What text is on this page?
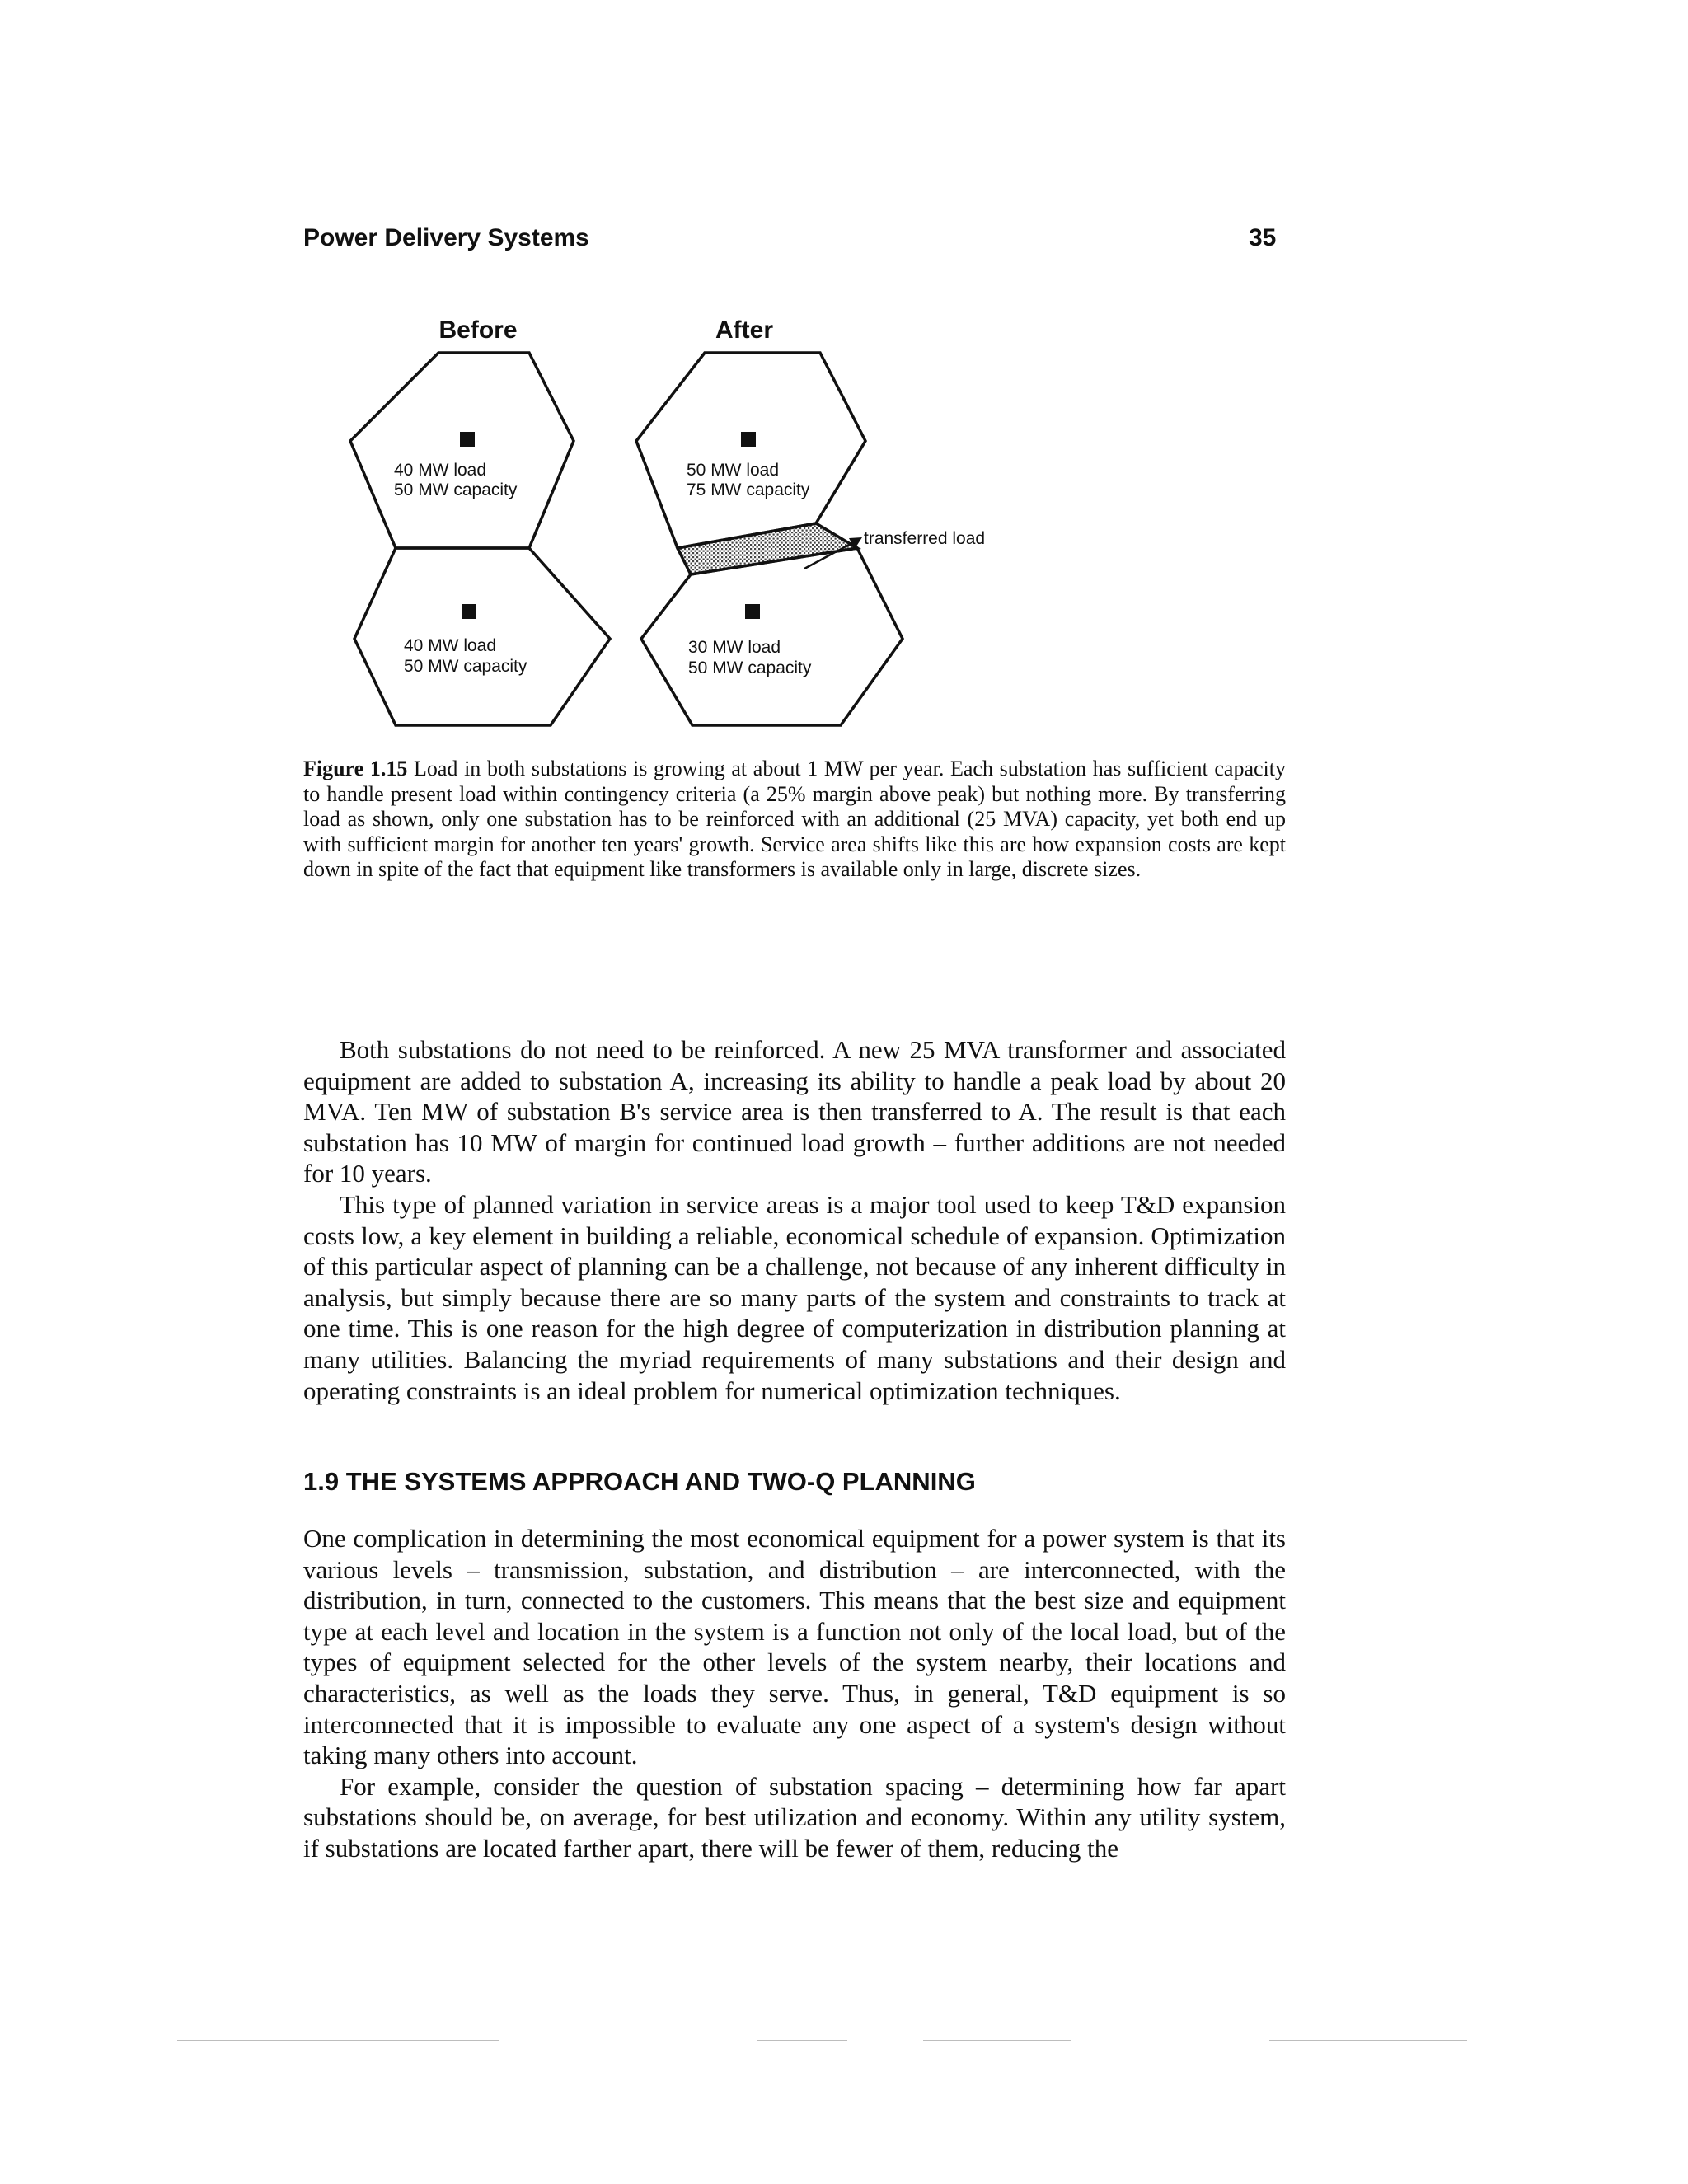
Power Delivery Systems	35
Before	After
40 MW load
50 MW capacity
40 MW load
50 MW capacity
50 MW load
75 MW capacity
30 MW load
50 MW capacity
transferred load
Figure 1.15 Load in both substations is growing at about 1 MW per year. Each substation has sufficient capacity to handle present load within contingency criteria (a 25% margin above peak) but nothing more. By transferring load as shown, only one substation has to be reinforced with an additional (25 MVA) capacity, yet both end up with sufficient margin for another ten years' growth. Service area shifts like this are how expansion costs are kept down in spite of the fact that equipment like transformers is available only in large, discrete sizes.

Both substations do not need to be reinforced. A new 25 MVA transformer and associated equipment are added to substation A, increasing its ability to handle a peak load by about 20 MVA. Ten MW of substation B's service area is then transferred to A. The result is that each substation has 10 MW of margin for continued load growth – further additions are not needed for 10 years.

This type of planned variation in service areas is a major tool used to keep T&D expansion costs low, a key element in building a reliable, economical schedule of expansion. Optimization of this particular aspect of planning can be a challenge, not because of any inherent difficulty in analysis, but simply because there are so many parts of the system and constraints to track at one time. This is one reason for the high degree of computerization in distribution planning at many utilities. Balancing the myriad requirements of many substations and their design and operating constraints is an ideal problem for numerical optimization techniques.

1.9 THE SYSTEMS APPROACH AND TWO-Q PLANNING

One complication in determining the most economical equipment for a power system is that its various levels – transmission, substation, and distribution – are interconnected, with the distribution, in turn, connected to the customers. This means that the best size and equipment type at each level and location in the system is a function not only of the local load, but of the types of equipment selected for the other levels of the system nearby, their locations and characteristics, as well as the loads they serve. Thus, in general, T&D equipment is so interconnected that it is impossible to evaluate any one aspect of a system's design without taking many others into account.

For example, consider the question of substation spacing – determining how far apart substations should be, on average, for best utilization and economy. Within any utility system, if substations are located farther apart, there will be fewer of them, reducing the
